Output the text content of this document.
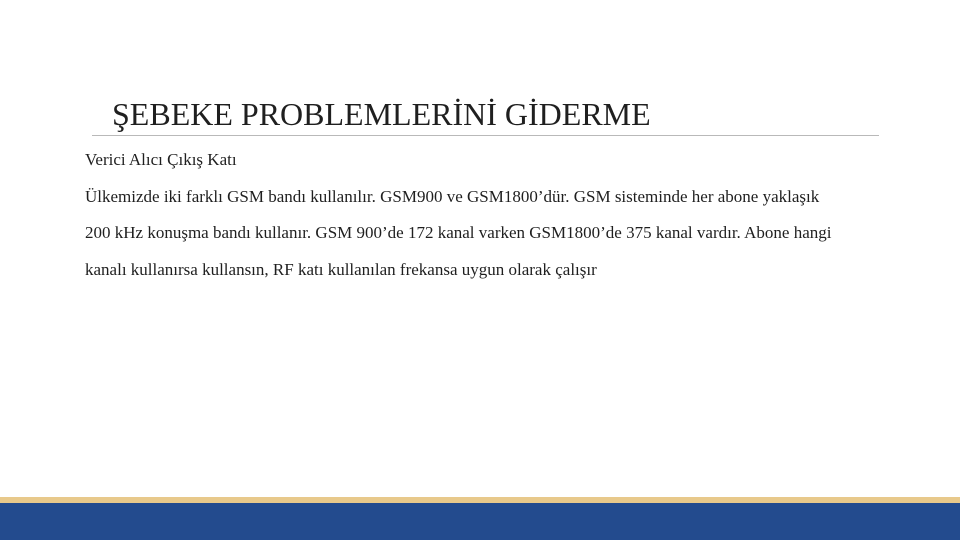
ŞEBEKE PROBLEMLERİNİ GİDERME

Verici Alıcı Çıkış Katı

Ülkemizde iki farklı GSM bandı kullanılır. GSM900 ve GSM1800’dür. GSM sisteminde her abone yaklaşık 200 kHz konuşma bandı kullanır. GSM 900’de 172 kanal varken GSM1800’de 375 kanal vardır. Abone hangi kanalı kullanırsa kullansın, RF katı kullanılan frekansa uygun olarak çalışır
